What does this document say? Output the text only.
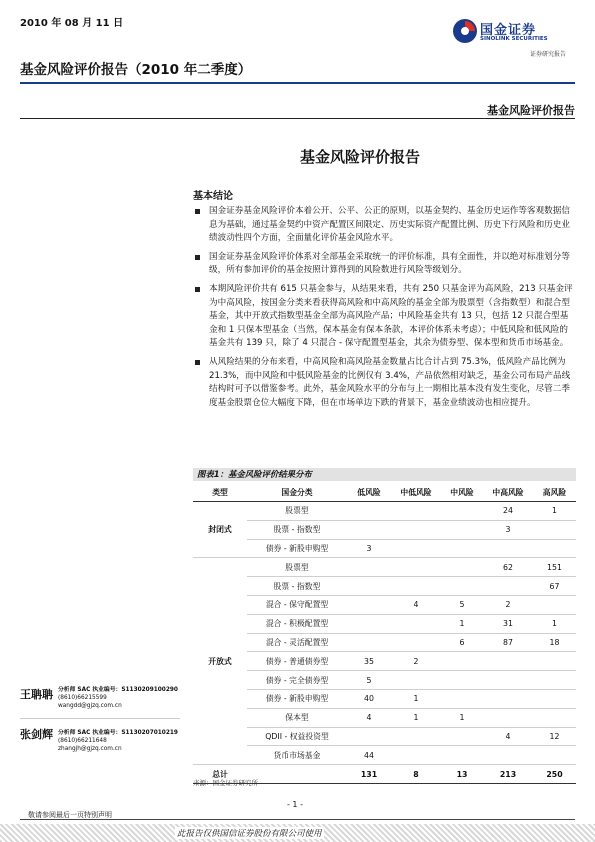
2010 年 08 月 11 日	国金证券
SINOLINK SECURITIES
证券研究报告
基金风险评价报告（2010 年二季度）
基金风险评价报告
基金风险评价报告
基本结论
国金证券基金风险评价本着公开、公平、公正的原则，以基金契约、基金历史运作等客观数据信息为基础，通过基金契约中资产配置区间限定、历史实际资产配置比例、历史下行风险和历史业绩波动性四个方面，全面量化评价基金风险水平。
国金证券基金风险评价体系对全部基金采取统一的评价标准，具有全面性，并以绝对标准划分等级，所有参加评价的基金按照计算得到的风险数进行风险等级划分。
本期风险评价共有 615 只基金参与，从结果来看，共有 250 只基金评为高风险，213 只基金评为中高风险，按国金分类来看获得高风险和中高风险的基金全部为股票型（含指数型）和混合型基金，其中开放式指数型基金全部为高风险产品；中风险基金共有 13 只，包括 12 只混合型基金和 1 只保本型基金（当然，保本基金有保本条款，本评价体系未考虑）；中低风险和低风险的基金共有 139 只，除了 4 只混合 - 保守配置型基金，其余为债券型、保本型和货币市场基金。
从风险结果的分布来看，中高风险和高风险基金数量占比合计占到 75.3%，低风险产品比例为 21.3%，而中风险和中低风险基金的比例仅有 3.4%，产品依然相对缺乏，基金公司布局产品线结构时可予以借鉴参考。此外，基金风险水平的分布与上一期相比基本没有发生变化，尽管二季度基金股票仓位大幅度下降，但在市场单边下跌的背景下，基金业绩波动也相应提升。
图表1：基金风险评价结果分布
类型	国金分类	低风险	中低风险	中风险	中高风险	高风险
封闭式	股票型				24	1
	股票 - 指数型				3	
	债券 - 新股申购型	3				
开放式	股票型				62	151
	股票 - 指数型					67
	混合 - 保守配置型		4	5	2	
	混合 - 积极配置型			1	31	1
	混合 - 灵活配置型			6	87	18
	债券 - 普通债券型	35	2			
	债券 - 完全债券型	5				
	债券 - 新股申购型	40	1			
	保本型	4	1	1		
	QDII - 权益投资型				4	12
	货币市场基金	44				
总计		131	8	13	213	250
来源：国金证券研究所
王聃聃 分析师 SAC 执业编号：S1130209100290
(8610)66215599
wangdd@gjzq.com.cn
张剑辉 分析师 SAC 执业编号：S1130207010219
(8610)66211648
zhangjh@gjzq.com.cn
- 1 -
敬请参阅最后一页特别声明
此报告仅供国信证券股份有限公司使用
